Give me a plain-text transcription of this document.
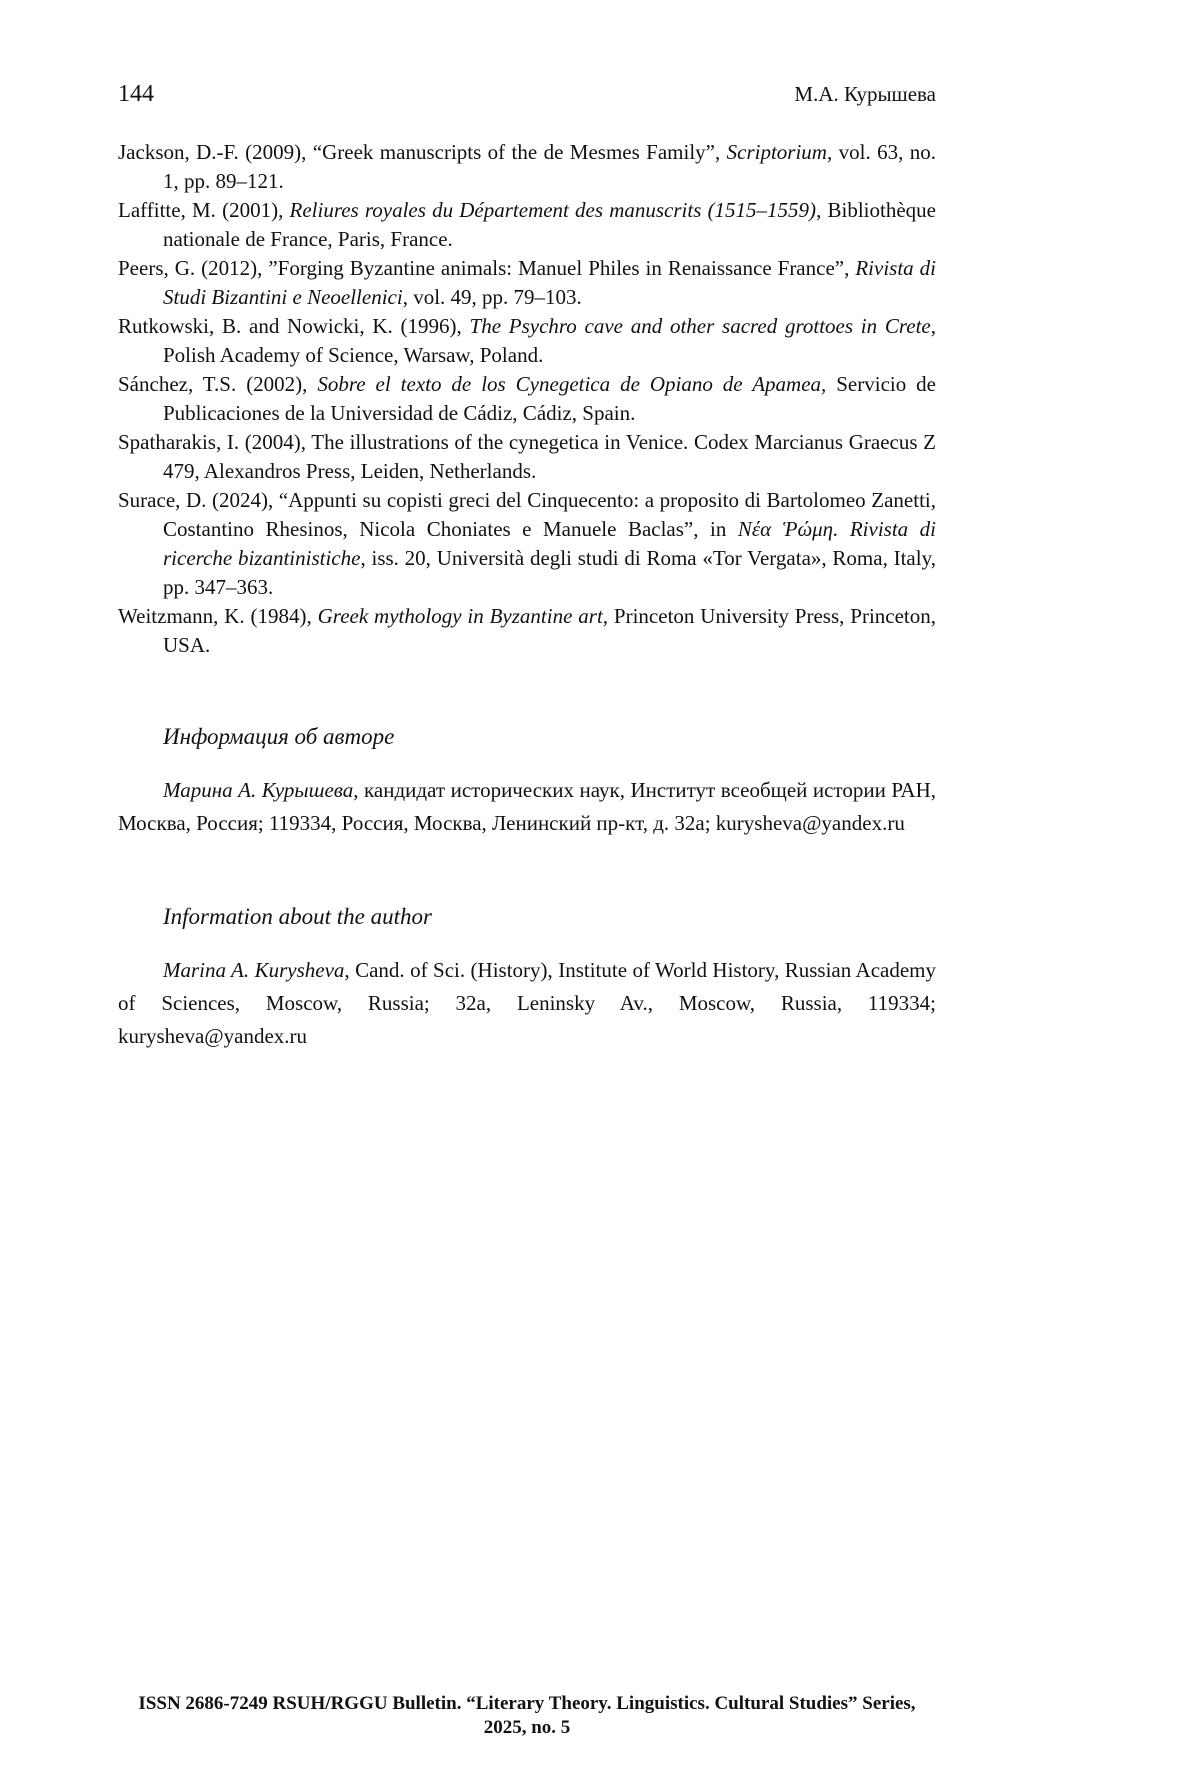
144	М.А. Курышева

Jackson, D.-F. (2009), “Greek manuscripts of the de Mesmes Family”, Scriptorium, vol. 63, no. 1, pp. 89–121.

Laffitte, M. (2001), Reliures royales du Département des manuscrits (1515–1559), Bibliothèque nationale de France, Paris, France.

Peers, G. (2012), ”Forging Byzantine animals: Manuel Philes in Renaissance France”, Rivista di Studi Bizantini e Neoellenici, vol. 49, pp. 79–103.

Rutkowski, B. and Nowicki, K. (1996), The Psychro cave and other sacred grottoes in Crete, Polish Academy of Science, Warsaw, Poland.

Sánchez, T.S. (2002), Sobre el texto de los Cynegetica de Opiano de Apamea, Servicio de Publicaciones de la Universidad de Cádiz, Cádiz, Spain.

Spatharakis, I. (2004), The illustrations of the cynegetica in Venice. Codex Marcianus Graecus Z 479, Alexandros Press, Leiden, Netherlands.

Surace, D. (2024), “Appunti su copisti greci del Cinquecento: a proposito di Bartolomeo Zanetti, Costantino Rhesinos, Nicola Choniates e Manuele Baclas”, in Νέα Ῥώμη. Rivista di ricerche bizantinistiche, iss. 20, Università degli studi di Roma «Tor Vergata», Roma, Italy, pp. 347–363.

Weitzmann, K. (1984), Greek mythology in Byzantine art, Princeton University Press, Princeton, USA.

Информация об авторе

Марина А. Курышева, кандидат исторических наук, Институт всеобщей истории РАН, Москва, Россия; 119334, Россия, Москва, Ленинский пр-кт, д. 32а; kurysheva@yandex.ru

Information about the author

Marina A. Kurysheva, Cand. of Sci. (History), Institute of World History, Russian Academy of Sciences, Moscow, Russia; 32a, Leninsky Av., Moscow, Russia, 119334; kurysheva@yandex.ru

ISSN 2686-7249 RSUH/RGGU Bulletin. “Literary Theory. Linguistics. Cultural Studies” Series, 2025, no. 5
